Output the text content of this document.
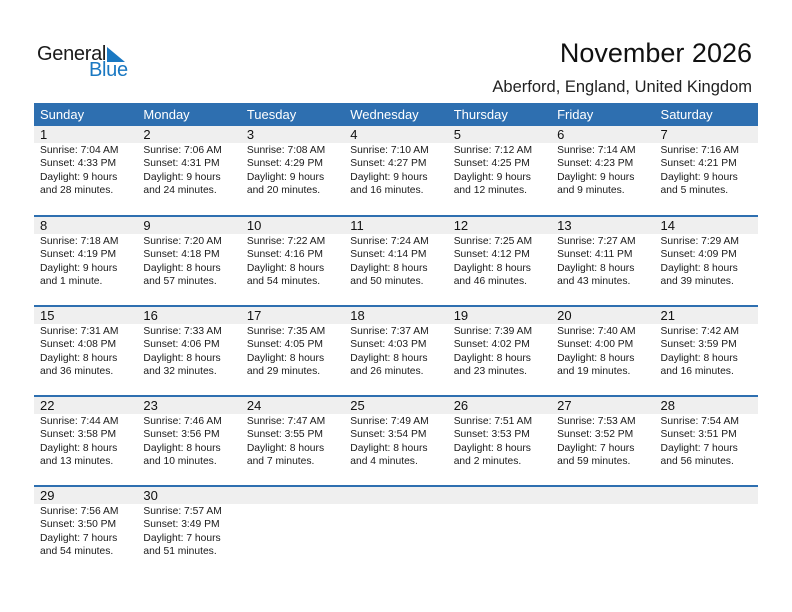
General
Blue
November 2026
Aberford, England, United Kingdom
Sunday	Monday	Tuesday	Wednesday	Thursday	Friday	Saturday
1	2	3	4	5	6	7
Sunrise: 7:04 AM
Sunset: 4:33 PM
Daylight: 9 hours
and 28 minutes.
Sunrise: 7:06 AM
Sunset: 4:31 PM
Daylight: 9 hours
and 24 minutes.
Sunrise: 7:08 AM
Sunset: 4:29 PM
Daylight: 9 hours
and 20 minutes.
Sunrise: 7:10 AM
Sunset: 4:27 PM
Daylight: 9 hours
and 16 minutes.
Sunrise: 7:12 AM
Sunset: 4:25 PM
Daylight: 9 hours
and 12 minutes.
Sunrise: 7:14 AM
Sunset: 4:23 PM
Daylight: 9 hours
and 9 minutes.
Sunrise: 7:16 AM
Sunset: 4:21 PM
Daylight: 9 hours
and 5 minutes.
8	9	10	11	12	13	14
Sunrise: 7:18 AM
Sunset: 4:19 PM
Daylight: 9 hours
and 1 minute.
Sunrise: 7:20 AM
Sunset: 4:18 PM
Daylight: 8 hours
and 57 minutes.
Sunrise: 7:22 AM
Sunset: 4:16 PM
Daylight: 8 hours
and 54 minutes.
Sunrise: 7:24 AM
Sunset: 4:14 PM
Daylight: 8 hours
and 50 minutes.
Sunrise: 7:25 AM
Sunset: 4:12 PM
Daylight: 8 hours
and 46 minutes.
Sunrise: 7:27 AM
Sunset: 4:11 PM
Daylight: 8 hours
and 43 minutes.
Sunrise: 7:29 AM
Sunset: 4:09 PM
Daylight: 8 hours
and 39 minutes.
15	16	17	18	19	20	21
Sunrise: 7:31 AM
Sunset: 4:08 PM
Daylight: 8 hours
and 36 minutes.
Sunrise: 7:33 AM
Sunset: 4:06 PM
Daylight: 8 hours
and 32 minutes.
Sunrise: 7:35 AM
Sunset: 4:05 PM
Daylight: 8 hours
and 29 minutes.
Sunrise: 7:37 AM
Sunset: 4:03 PM
Daylight: 8 hours
and 26 minutes.
Sunrise: 7:39 AM
Sunset: 4:02 PM
Daylight: 8 hours
and 23 minutes.
Sunrise: 7:40 AM
Sunset: 4:00 PM
Daylight: 8 hours
and 19 minutes.
Sunrise: 7:42 AM
Sunset: 3:59 PM
Daylight: 8 hours
and 16 minutes.
22	23	24	25	26	27	28
Sunrise: 7:44 AM
Sunset: 3:58 PM
Daylight: 8 hours
and 13 minutes.
Sunrise: 7:46 AM
Sunset: 3:56 PM
Daylight: 8 hours
and 10 minutes.
Sunrise: 7:47 AM
Sunset: 3:55 PM
Daylight: 8 hours
and 7 minutes.
Sunrise: 7:49 AM
Sunset: 3:54 PM
Daylight: 8 hours
and 4 minutes.
Sunrise: 7:51 AM
Sunset: 3:53 PM
Daylight: 8 hours
and 2 minutes.
Sunrise: 7:53 AM
Sunset: 3:52 PM
Daylight: 7 hours
and 59 minutes.
Sunrise: 7:54 AM
Sunset: 3:51 PM
Daylight: 7 hours
and 56 minutes.
29	30
Sunrise: 7:56 AM
Sunset: 3:50 PM
Daylight: 7 hours
and 54 minutes.
Sunrise: 7:57 AM
Sunset: 3:49 PM
Daylight: 7 hours
and 51 minutes.
